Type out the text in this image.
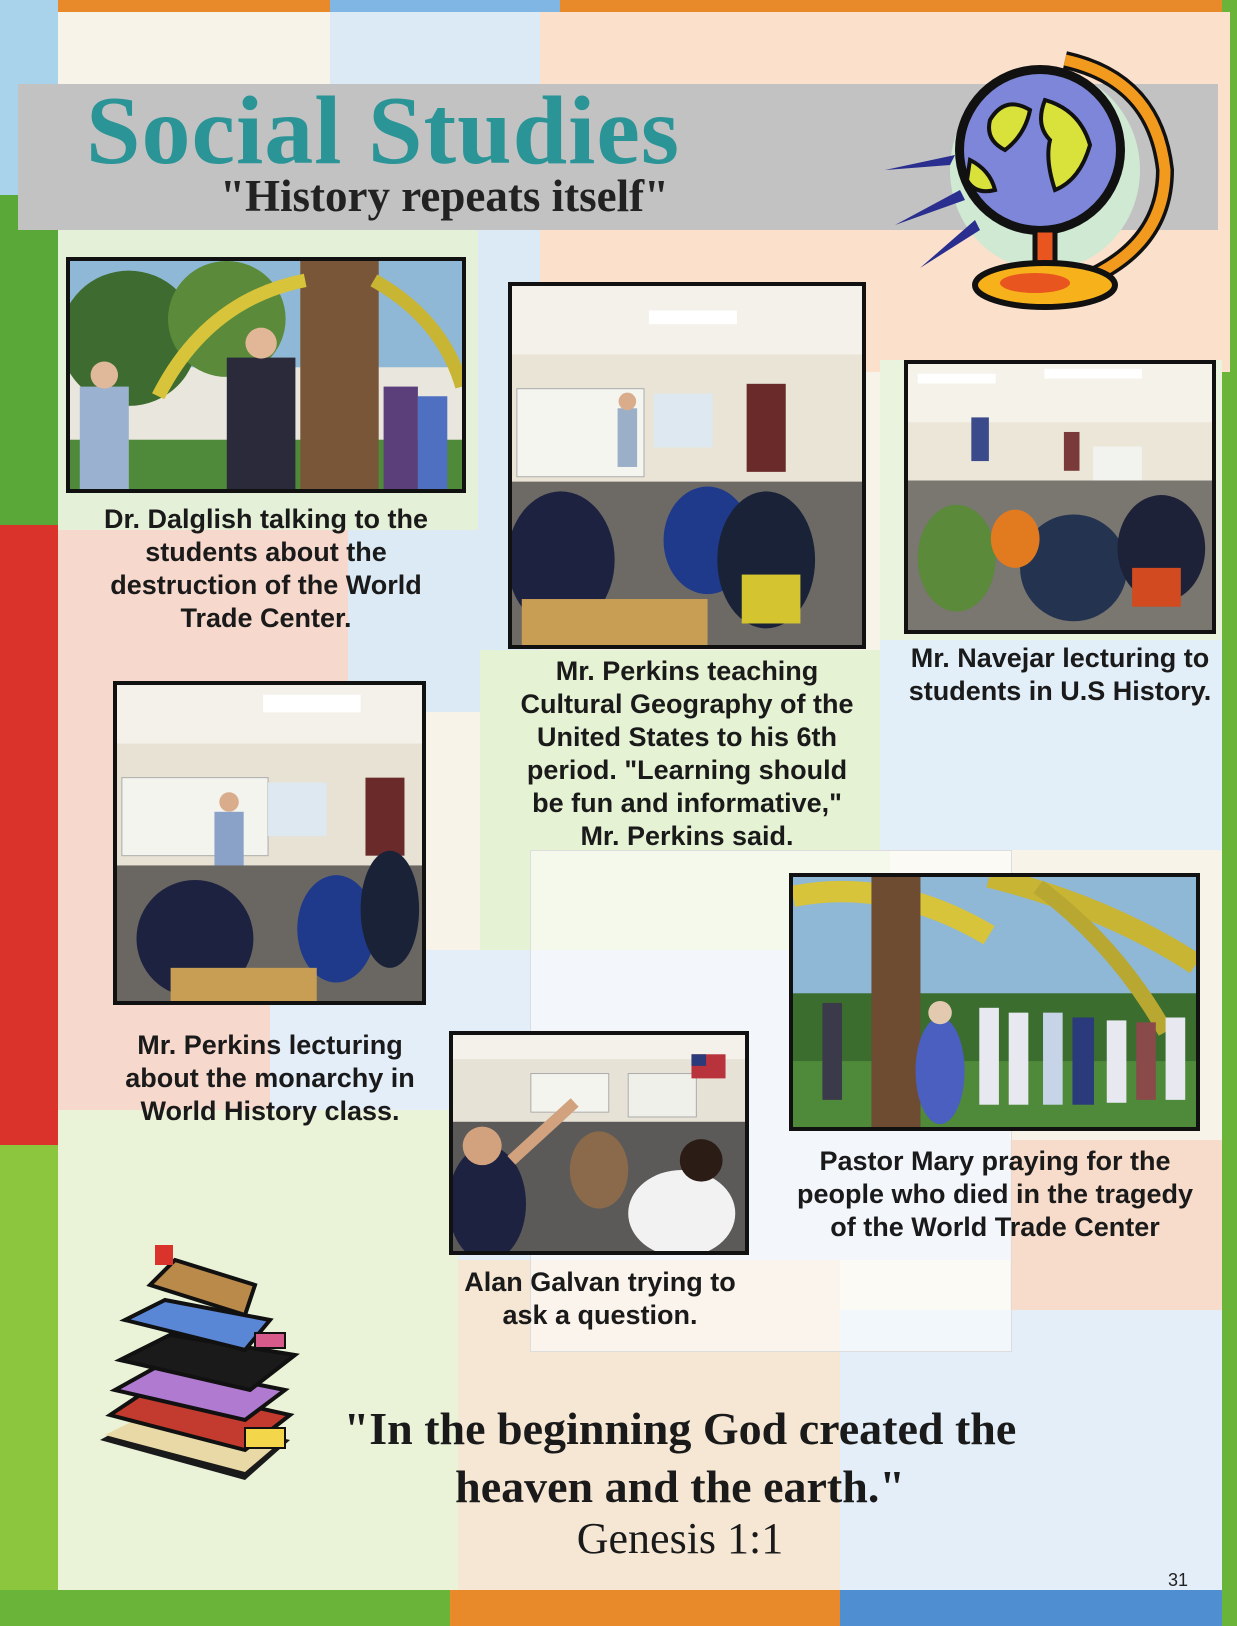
Social Studies
"History repeats itself"
Dr. Dalglish talking to the students about the destruction of the World Trade Center.
Mr. Perkins teaching Cultural Geography of the United States to his 6th period. "Learning should be fun and informative," Mr. Perkins said.
Mr. Navejar lecturing to students in U.S History.
Mr. Perkins lecturing about the monarchy in World History class.
Alan Galvan trying to ask a question.
Pastor Mary praying for the people who died in the tragedy of the World Trade Center
"In the beginning God created the heaven and the earth."
Genesis 1:1
31
